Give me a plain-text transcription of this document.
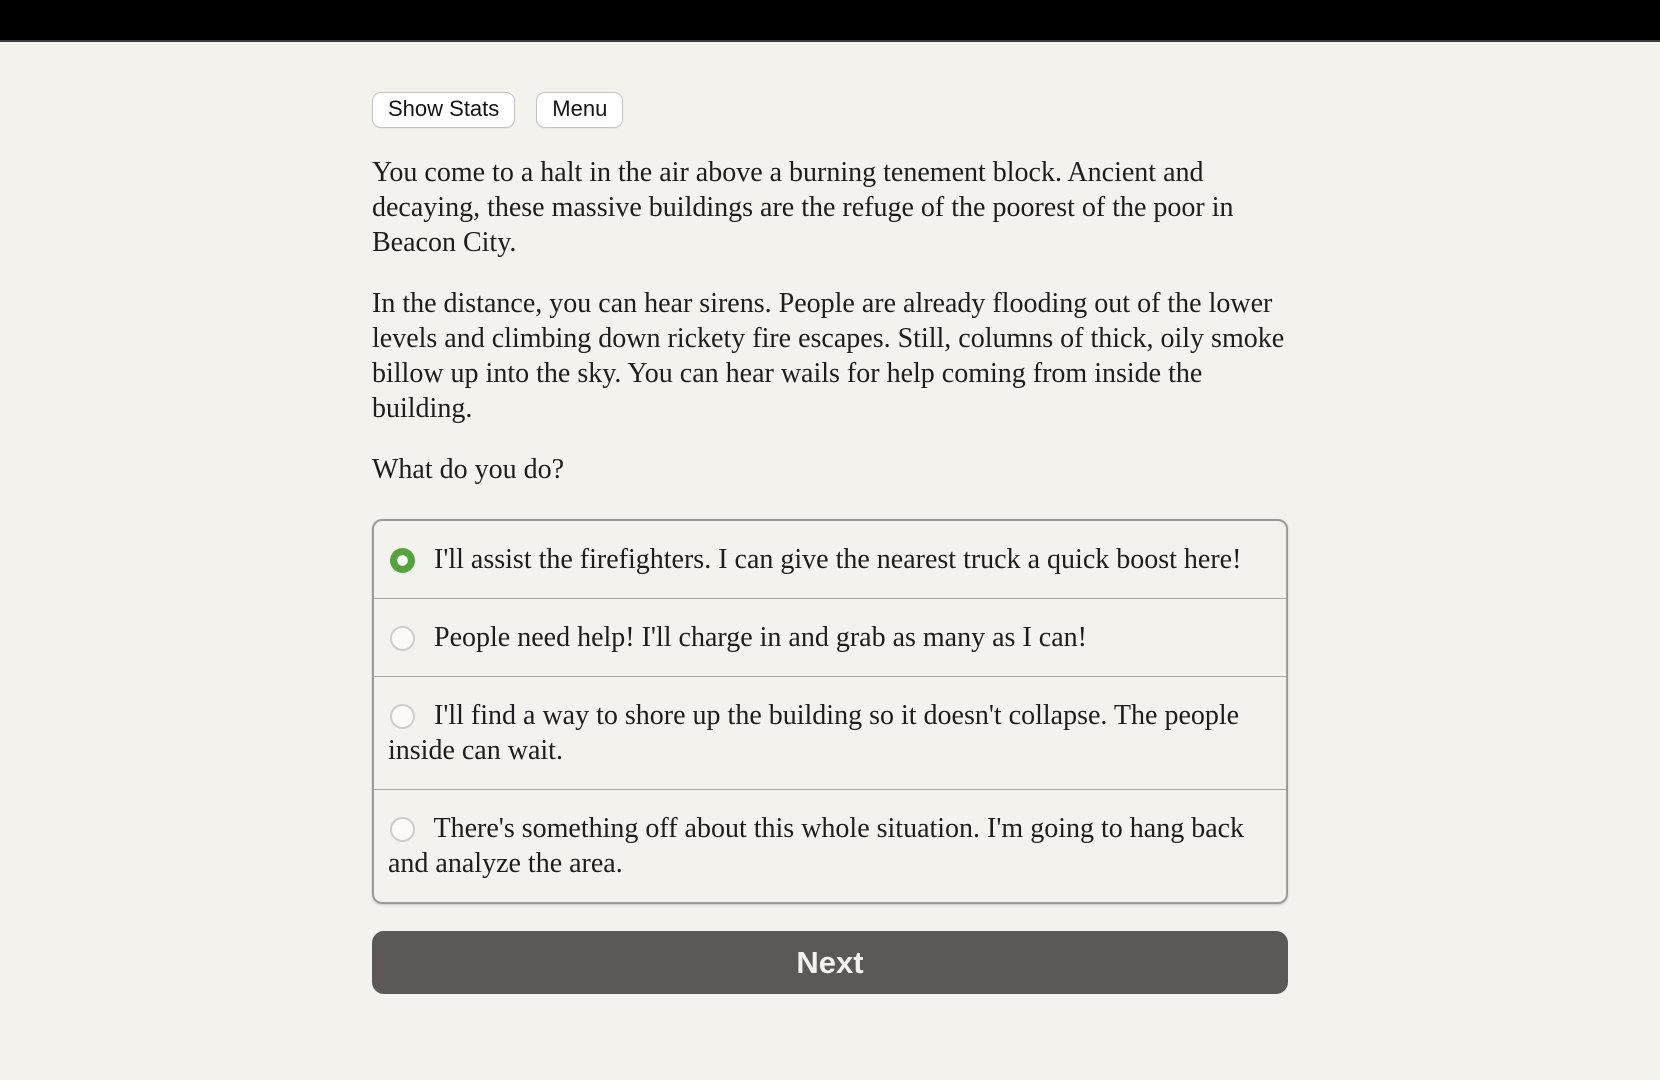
Show Stats	Menu

You come to a halt in the air above a burning tenement block. Ancient and decaying, these massive buildings are the refuge of the poorest of the poor in Beacon City.

In the distance, you can hear sirens. People are already flooding out of the lower levels and climbing down rickety fire escapes. Still, columns of thick, oily smoke billow up into the sky. You can hear wails for help coming from inside the building.

What do you do?

I'll assist the firefighters. I can give the nearest truck a quick boost here!
People need help! I'll charge in and grab as many as I can!
I'll find a way to shore up the building so it doesn't collapse. The people inside can wait.
There's something off about this whole situation. I'm going to hang back and analyze the area.
Next
